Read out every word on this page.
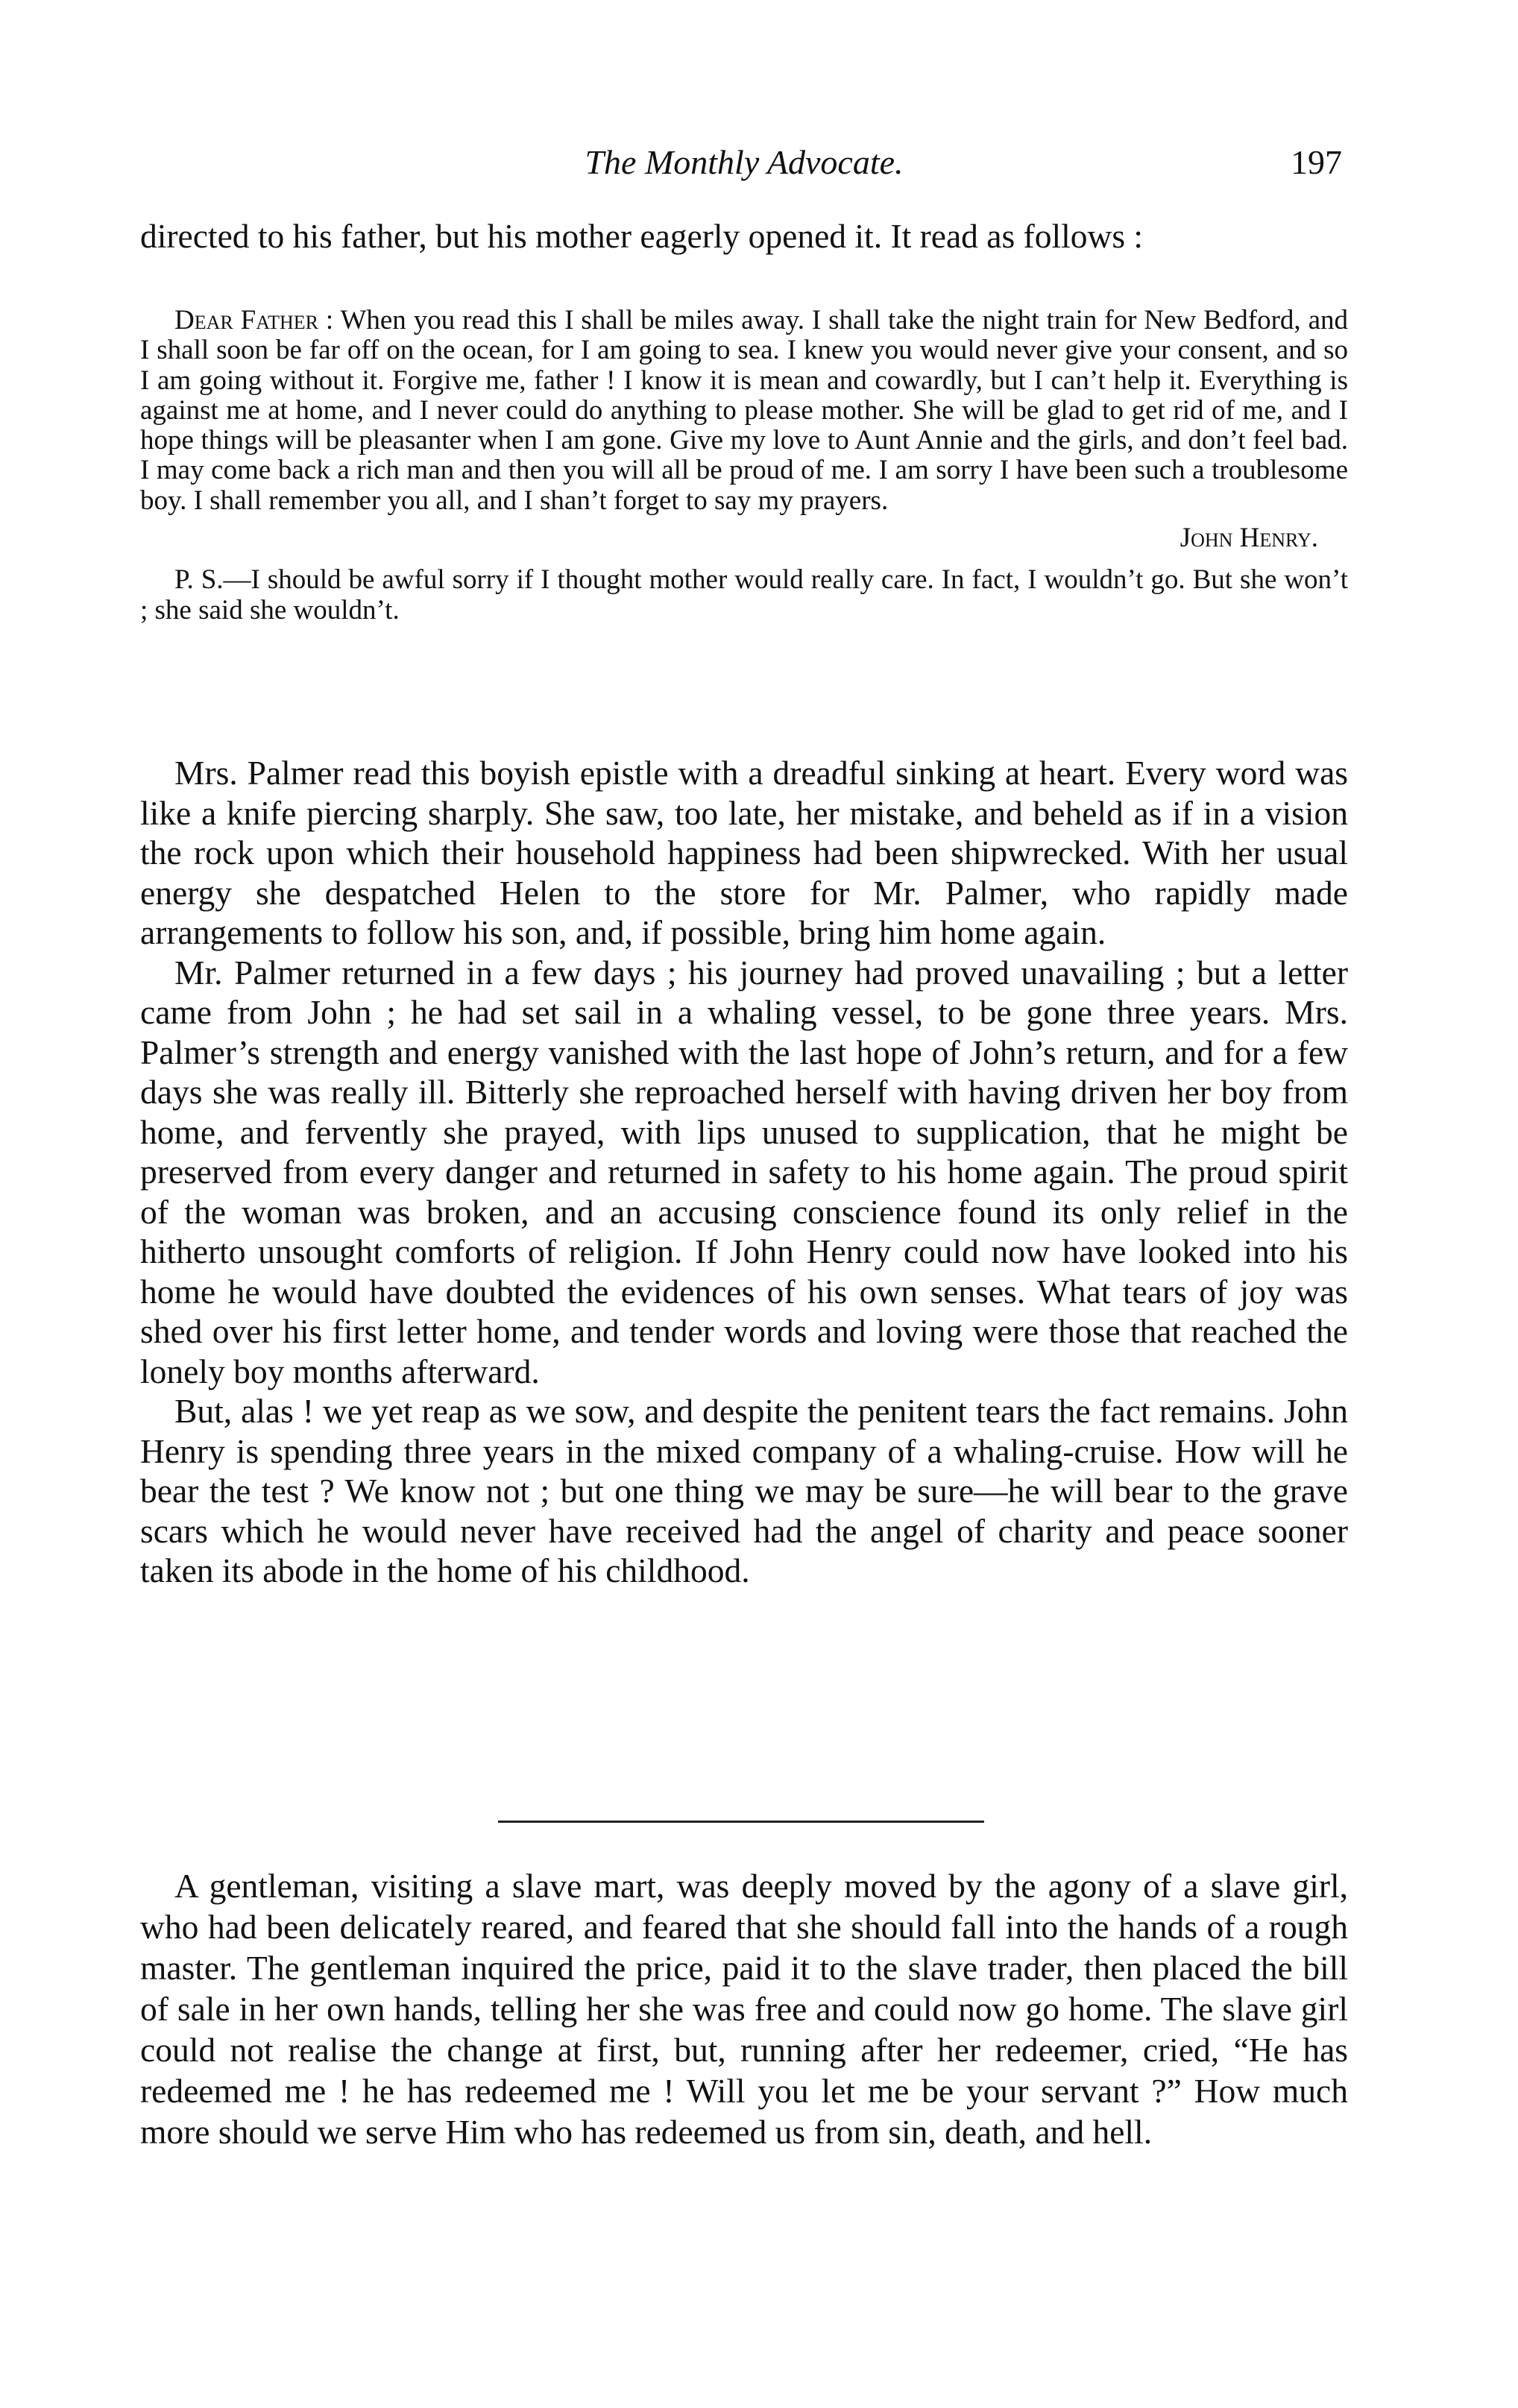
The Monthly Advocate.	197

directed to his father, but his mother eagerly opened it. It read as follows :

Dear Father : When you read this I shall be miles away. I shall take the night train for New Bedford, and I shall soon be far off on the ocean, for I am going to sea. I knew you would never give your consent, and so I am going without it. Forgive me, father ! I know it is mean and cowardly, but I can’t help it. Everything is against me at home, and I never could do anything to please mother. She will be glad to get rid of me, and I hope things will be pleasanter when I am gone. Give my love to Aunt Annie and the girls, and don’t feel bad. I may come back a rich man and then you will all be proud of me. I am sorry I have been such a troublesome boy. I shall remember you all, and I shan’t forget to say my prayers.

John Henry.

P. S.—I should be awful sorry if I thought mother would really care. In fact, I wouldn’t go. But she won’t ; she said she wouldn’t.

Mrs. Palmer read this boyish epistle with a dreadful sinking at heart. Every word was like a knife piercing sharply. She saw, too late, her mistake, and beheld as if in a vision the rock upon which their household happiness had been shipwrecked. With her usual energy she despatched Helen to the store for Mr. Palmer, who rapidly made arrangements to follow his son, and, if possible, bring him home again.

Mr. Palmer returned in a few days ; his journey had proved unavailing ; but a letter came from John ; he had set sail in a whaling vessel, to be gone three years. Mrs. Palmer’s strength and energy vanished with the last hope of John’s return, and for a few days she was really ill. Bitterly she reproached herself with having driven her boy from home, and fervently she prayed, with lips unused to supplication, that he might be preserved from every danger and returned in safety to his home again. The proud spirit of the woman was broken, and an accusing conscience found its only relief in the hitherto unsought comforts of religion. If John Henry could now have looked into his home he would have doubted the evidences of his own senses. What tears of joy was shed over his first letter home, and tender words and loving were those that reached the lonely boy months afterward.

But, alas ! we yet reap as we sow, and despite the penitent tears the fact remains. John Henry is spending three years in the mixed company of a whaling-cruise. How will he bear the test ? We know not ; but one thing we may be sure—he will bear to the grave scars which he would never have received had the angel of charity and peace sooner taken its abode in the home of his childhood.

A gentleman, visiting a slave mart, was deeply moved by the agony of a slave girl, who had been delicately reared, and feared that she should fall into the hands of a rough master. The gentleman inquired the price, paid it to the slave trader, then placed the bill of sale in her own hands, telling her she was free and could now go home. The slave girl could not realise the change at first, but, running after her redeemer, cried, “He has redeemed me ! he has redeemed me ! Will you let me be your servant ?” How much more should we serve Him who has redeemed us from sin, death, and hell.
